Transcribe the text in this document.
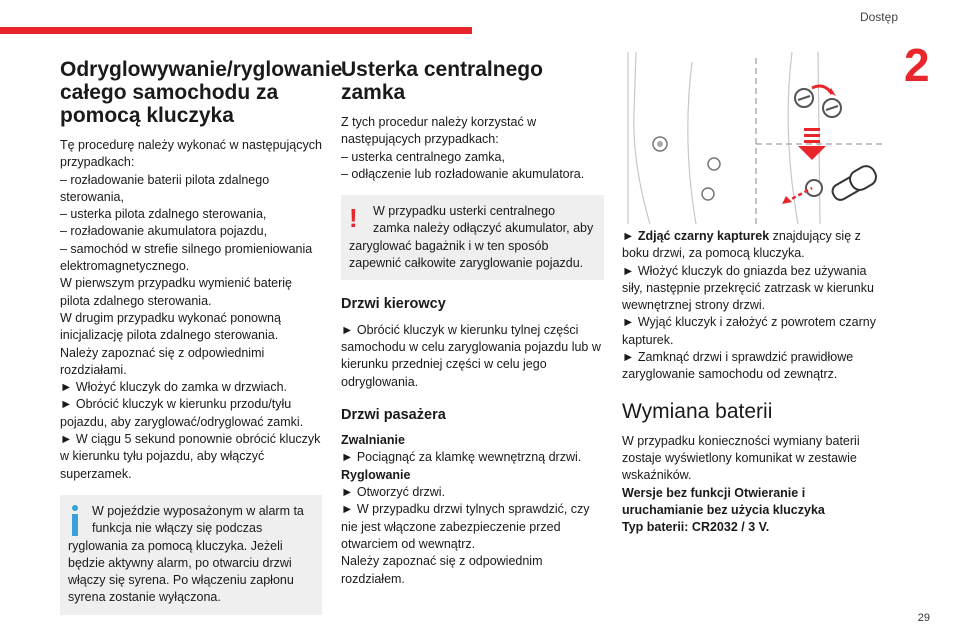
Dostęp
2
29
Odryglowywanie/ryglowanie całego samochodu za pomocą kluczyka

Tę procedurę należy wykonać w następujących przypadkach:

– rozładowanie baterii pilota zdalnego sterowania,

– usterka pilota zdalnego sterowania,

– rozładowanie akumulatora pojazdu,

– samochód w strefie silnego promieniowania elektromagnetycznego.

W pierwszym przypadku wymienić baterię pilota zdalnego sterowania.

W drugim przypadku wykonać ponowną inicjalizację pilota zdalnego sterowania.

Należy zapoznać się z odpowiednimi rozdziałami.

► Włożyć kluczyk do zamka w drzwiach.

► Obrócić kluczyk w kierunku przodu/tyłu pojazdu, aby zaryglować/odryglować zamki.

► W ciągu 5 sekund ponownie obrócić kluczyk w kierunku tyłu pojazdu, aby włączyć superzamek.

W pojeździe wyposażonym w alarm ta funkcja nie włączy się podczas ryglowania za pomocą kluczyka. Jeżeli będzie aktywny alarm, po otwarciu drzwi włączy się syrena. Po włączeniu zapłonu syrena zostanie wyłączona.
Usterka centralnego zamka

Z tych procedur należy korzystać w następujących przypadkach:

– usterka centralnego zamka,

– odłączenie lub rozładowanie akumulatora.

!	W przypadku usterki centralnego zamka należy odłączyć akumulator, aby zaryglować bagażnik i w ten sposób zapewnić całkowite zaryglowanie pojazdu.
Drzwi kierowcy

► Obrócić kluczyk w kierunku tylnej części samochodu w celu zaryglowania pojazdu lub w kierunku przedniej części w celu jego odryglowania.

Drzwi pasażera

Zwalnianie

► Pociągnąć za klamkę wewnętrzną drzwi.

Ryglowanie

► Otworzyć drzwi.

► W przypadku drzwi tylnych sprawdzić, czy nie jest włączone zabezpieczenie przed otwarciem od wewnątrz.

Należy zapoznać się z odpowiednim rozdziałem.

► Zdjąć czarny kapturek znajdujący się z boku drzwi, za pomocą kluczyka.

► Włożyć kluczyk do gniazda bez używania siły, następnie przekręcić zatrzask w kierunku wewnętrznej strony drzwi.

► Wyjąć kluczyk i założyć z powrotem czarny kapturek.

► Zamknąć drzwi i sprawdzić prawidłowe zaryglowanie samochodu od zewnątrz.

Wymiana baterii

W przypadku konieczności wymiany baterii zostaje wyświetlony komunikat w zestawie wskaźników.

Wersje bez funkcji Otwieranie i uruchamianie bez użycia kluczyka

Typ baterii: CR2032 / 3 V.
